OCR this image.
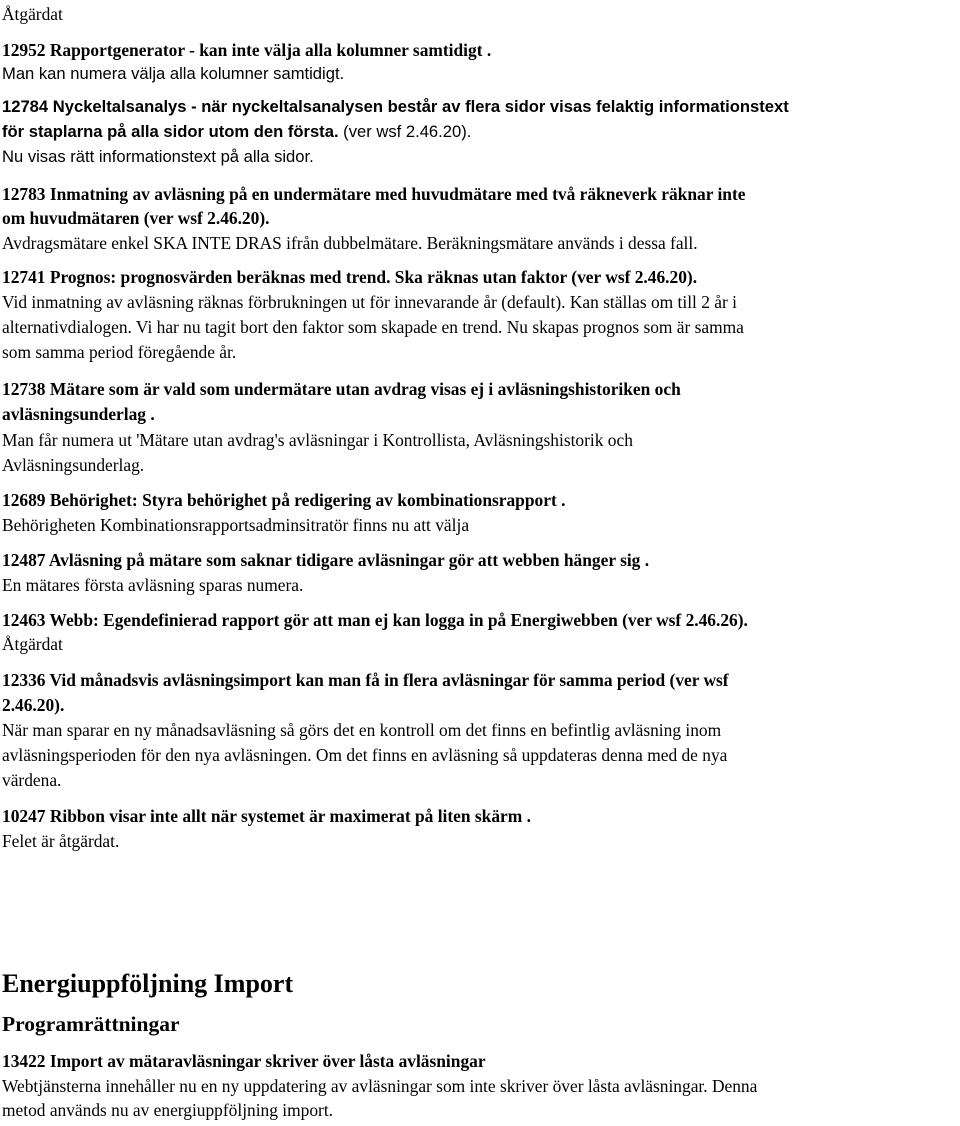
Åtgärdat
12952 Rapportgenerator - kan inte välja alla kolumner samtidigt .
Man kan numera välja alla kolumner samtidigt.
12784 Nyckeltalsanalys - när nyckeltalsanalysen består av flera sidor visas felaktig informationstext
för staplarna på alla sidor utom den första. (ver wsf 2.46.20).
Nu visas rätt informationstext på alla sidor.
12783 Inmatning av avläsning på en undermätare med huvudmätare med två räkneverk räknar inte
om huvudmätaren (ver wsf 2.46.20).
Avdragsmätare enkel SKA INTE DRAS ifrån dubbelmätare. Beräkningsmätare används i dessa fall.
12741 Prognos: prognosvärden beräknas med trend. Ska räknas utan faktor (ver wsf 2.46.20).
Vid inmatning av avläsning räknas förbrukningen ut för innevarande år (default). Kan ställas om till 2 år i
alternativdialogen. Vi har nu tagit bort den faktor som skapade en trend. Nu skapas prognos som är samma
som samma period föregående år.
12738 Mätare som är vald som undermätare utan avdrag visas ej i avläsningshistoriken och
avläsningsunderlag .
Man får numera ut 'Mätare utan avdrag's avläsningar i Kontrollista, Avläsningshistorik och
Avläsningsunderlag.
12689 Behörighet: Styra behörighet på redigering av kombinationsrapport .
Behörigheten Kombinationsrapportsadminsitratör finns nu att välja
12487 Avläsning på mätare som saknar tidigare avläsningar gör att webben hänger sig .
En mätares första avläsning sparas numera.
12463 Webb: Egendefinierad rapport gör att man ej kan logga in på Energiwebben (ver wsf 2.46.26).
Åtgärdat
12336 Vid månadsvis avläsningsimport kan man få in flera avläsningar för samma period (ver wsf
2.46.20).
När man sparar en ny månadsavläsning så görs det en kontroll om det finns en befintlig avläsning inom
avläsningsperioden för den nya avläsningen. Om det finns en avläsning så uppdateras denna med de nya
värdena.
10247 Ribbon visar inte allt när systemet är maximerat på liten skärm .
Felet är åtgärdat.
Energiuppföljning Import
Programrättningar
13422 Import av mätaravläsningar skriver över låsta avläsningar
Webtjänsterna innehåller nu en ny uppdatering av avläsningar som inte skriver över låsta avläsningar. Denna
metod används nu av energiuppföljning import.
